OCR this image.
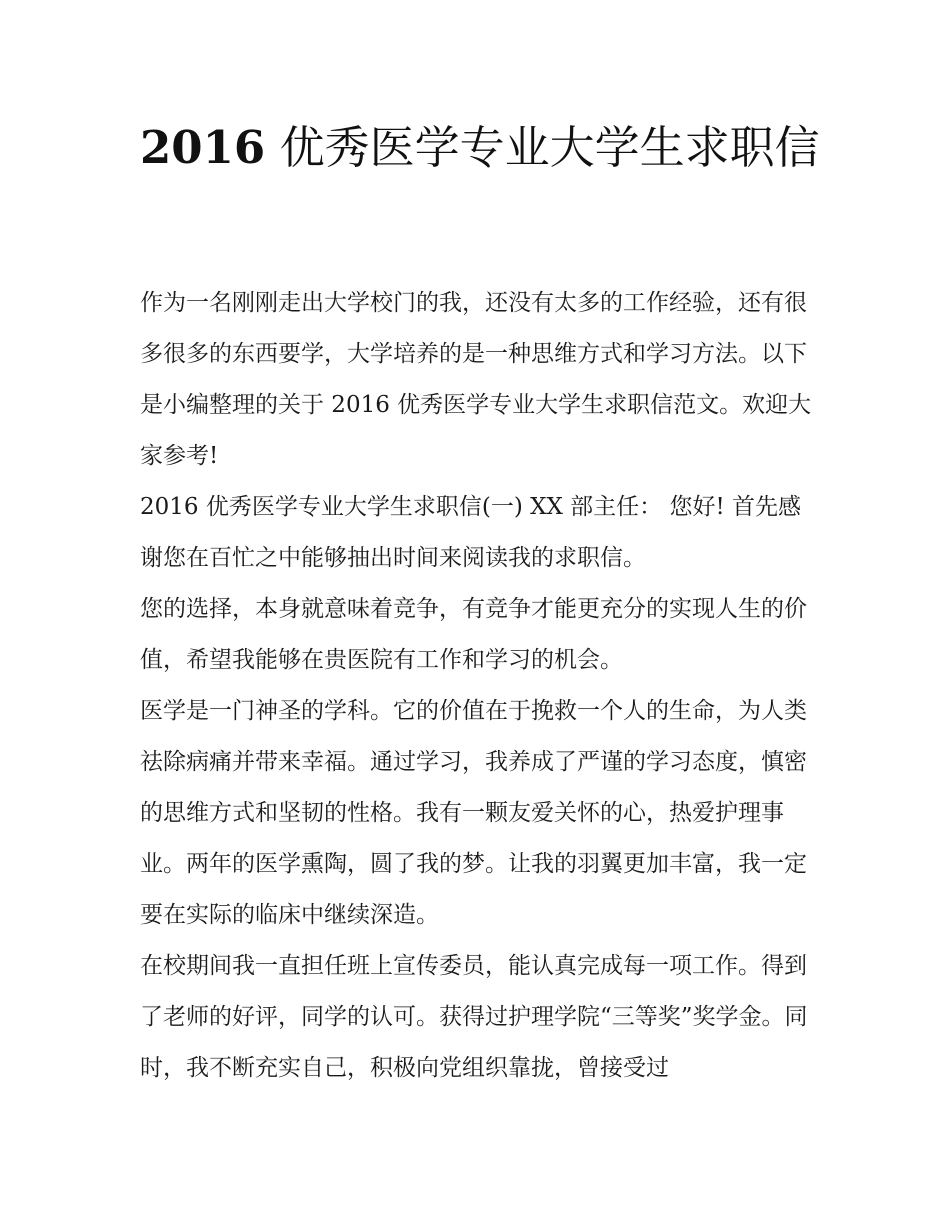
2016 优秀医学专业大学生求职信

作为一名刚刚走出大学校门的我，还没有太多的工作经验，还有很多很多的东西要学，大学培养的是一种思维方式和学习方法。以下是小编整理的关于 2016 优秀医学专业大学生求职信范文。欢迎大家参考!

2016 优秀医学专业大学生求职信(一) XX 部主任： 您好! 首先感谢您在百忙之中能够抽出时间来阅读我的求职信。

您的选择，本身就意味着竞争，有竞争才能更充分的实现人生的价值，希望我能够在贵医院有工作和学习的机会。

医学是一门神圣的学科。它的价值在于挽救一个人的生命，为人类祛除病痛并带来幸福。通过学习，我养成了严谨的学习态度，慎密的思维方式和坚韧的性格。我有一颗友爱关怀的心，热爱护理事业。两年的医学熏陶，圆了我的梦。让我的羽翼更加丰富，我一定要在实际的临床中继续深造。

在校期间我一直担任班上宣传委员，能认真完成每一项工作。得到了老师的好评，同学的认可。获得过护理学院“三等奖”奖学金。同时，我不断充实自己，积极向党组织靠拢，曾接受过
